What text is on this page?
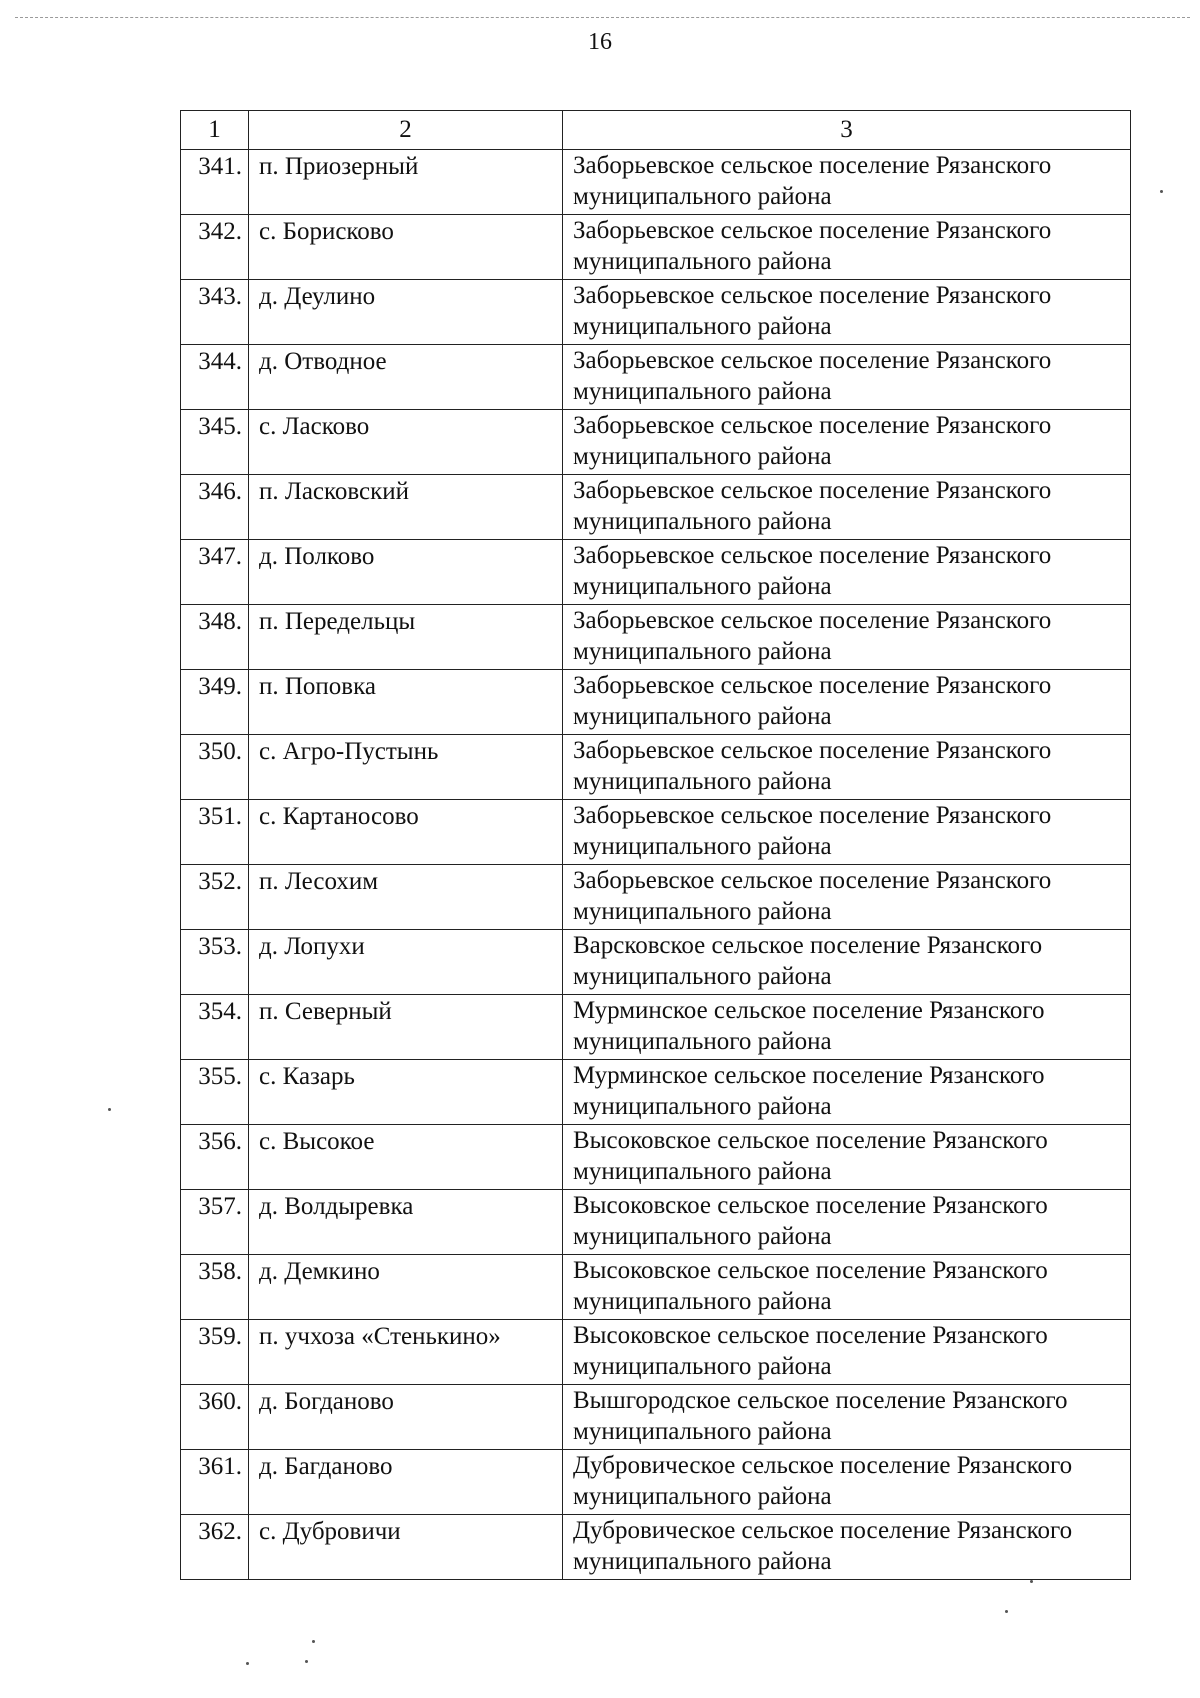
16
1	2	3
341.	п. Приозерный	Заборьевское сельское поселение Рязанского муниципального района
342.	с. Борисково	Заборьевское сельское поселение Рязанского муниципального района
343.	д. Деулино	Заборьевское сельское поселение Рязанского муниципального района
344.	д. Отводное	Заборьевское сельское поселение Рязанского муниципального района
345.	с. Ласково	Заборьевское сельское поселение Рязанского муниципального района
346.	п. Ласковский	Заборьевское сельское поселение Рязанского муниципального района
347.	д. Полково	Заборьевское сельское поселение Рязанского муниципального района
348.	п. Передельцы	Заборьевское сельское поселение Рязанского муниципального района
349.	п. Поповка	Заборьевское сельское поселение Рязанского муниципального района
350.	с. Агро-Пустынь	Заборьевское сельское поселение Рязанского муниципального района
351.	с. Картаносово	Заборьевское сельское поселение Рязанского муниципального района
352.	п. Лесохим	Заборьевское сельское поселение Рязанского муниципального района
353.	д. Лопухи	Варсковское сельское поселение Рязанского муниципального района
354.	п. Северный	Мурминское сельское поселение Рязанского муниципального района
355.	с. Казарь	Мурминское сельское поселение Рязанского муниципального района
356.	с. Высокое	Высоковское сельское поселение Рязанского муниципального района
357.	д. Волдыревка	Высоковское сельское поселение Рязанского муниципального района
358.	д. Демкино	Высоковское сельское поселение Рязанского муниципального района
359.	п. учхоза «Стенькино»	Высоковское сельское поселение Рязанского муниципального района
360.	д. Богданово	Вышгородское сельское поселение Рязанского муниципального района
361.	д. Багданово	Дубровическое сельское поселение Рязанского муниципального района
362.	с. Дубровичи	Дубровическое сельское поселение Рязанского муниципального района
